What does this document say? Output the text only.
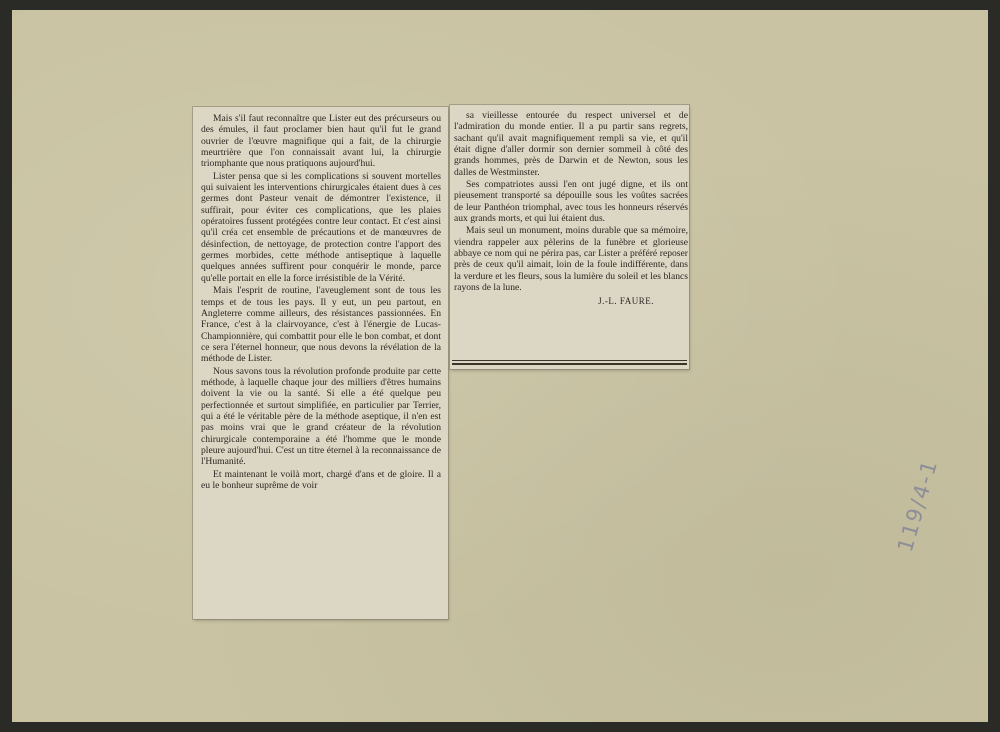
Mais s'il faut reconnaître que Lister eut des précurseurs ou des émules, il faut proclamer bien haut qu'il fut le grand ouvrier de l'œuvre magnifique qui a fait, de la chirurgie meurtrière que l'on connaissait avant lui, la chirurgie triomphante que nous pratiquons aujourd'hui.

Lister pensa que si les complications si souvent mortelles qui suivaient les interventions chirurgicales étaient dues à ces germes dont Pasteur venait de démontrer l'existence, il suffirait, pour éviter ces complications, que les plaies opératoires fussent protégées contre leur contact. Et c'est ainsi qu'il créa cet ensemble de précautions et de manœuvres de désinfection, de nettoyage, de protection contre l'apport des germes morbides, cette méthode antiseptique à laquelle quelques années suffirent pour conquérir le monde, parce qu'elle portait en elle la force irrésistible de la Vérité.

Mais l'esprit de routine, l'aveuglement sont de tous les temps et de tous les pays. Il y eut, un peu partout, en Angleterre comme ailleurs, des résistances passionnées. En France, c'est à la clairvoyance, c'est à l'énergie de Lucas-Championnière, qui combattit pour elle le bon combat, et dont ce sera l'éternel honneur, que nous devons la révélation de la méthode de Lister.

Nous savons tous la révolution profonde produite par cette méthode, à laquelle chaque jour des milliers d'êtres humains doivent la vie ou la santé. Si elle a été quelque peu perfectionnée et surtout simplifiée, en particulier par Terrier, qui a été le véritable père de la méthode aseptique, il n'en est pas moins vrai que le grand créateur de la révolution chirurgicale contemporaine a été l'homme que le monde pleure aujourd'hui. C'est un titre éternel à la reconnaissance de l'Humanité.

Et maintenant le voilà mort, chargé d'ans et de gloire. Il a eu le bonheur suprême de voir

sa vieillesse entourée du respect universel et de l'admiration du monde entier. Il a pu partir sans regrets, sachant qu'il avait magnifiquement rempli sa vie, et qu'il était digne d'aller dormir son dernier sommeil à côté des grands hommes, près de Darwin et de Newton, sous les dalles de Westminster.

Ses compatriotes aussi l'en ont jugé digne, et ils ont pieusement transporté sa dépouille sous les voûtes sacrées de leur Panthéon triomphal, avec tous les honneurs réservés aux grands morts, et qui lui étaient dus.

Mais seul un monument, moins durable que sa mémoire, viendra rappeler aux pèlerins de la funèbre et glorieuse abbaye ce nom qui ne périra pas, car Lister a préféré reposer près de ceux qu'il aimait, loin de la foule indifférente, dans la verdure et les fleurs, sous la lumière du soleil et les blancs rayons de la lune.

J.-L. FAURE.
119/4-1
